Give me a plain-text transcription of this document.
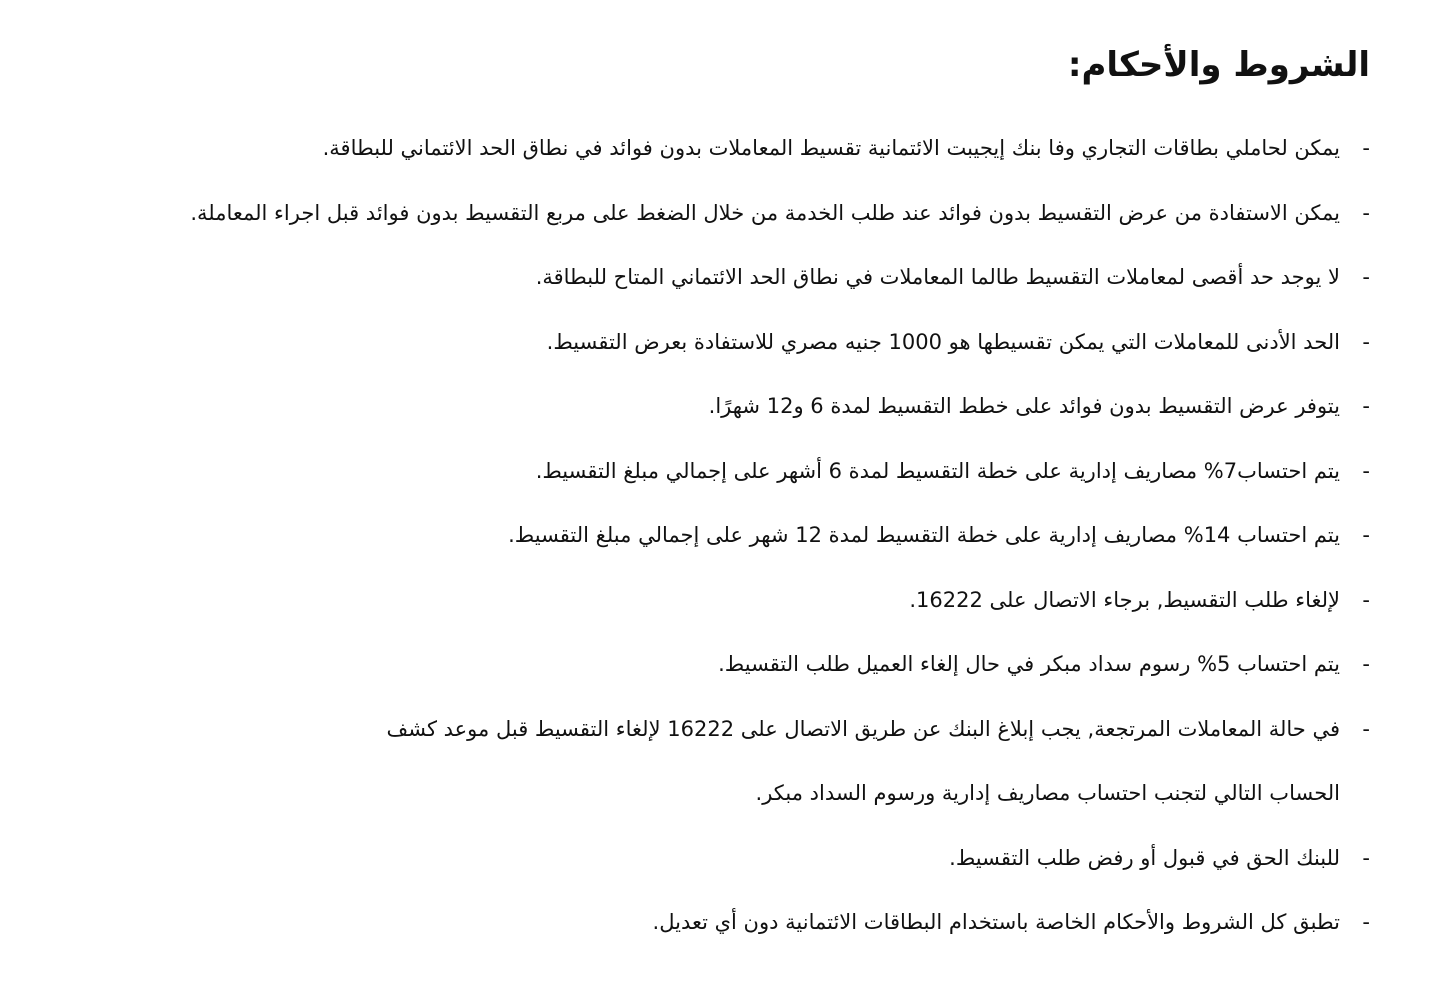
الشروط والأحكام:
-
يمكن لحاملي بطاقات التجاري وفا بنك إيجيبت الائتمانية تقسيط المعاملات بدون فوائد في نطاق الحد الائتماني للبطاقة.
-
يمكن الاستفادة من عرض التقسيط بدون فوائد عند طلب الخدمة من خلال الضغط على مربع التقسيط بدون فوائد قبل اجراء المعاملة.
-
لا يوجد حد أقصى لمعاملات التقسيط طالما المعاملات في نطاق الحد الائتماني المتاح للبطاقة.
-
الحد الأدنى للمعاملات التي يمكن تقسيطها هو 1000 جنيه مصري للاستفادة بعرض التقسيط.
-
يتوفر عرض التقسيط بدون فوائد على خطط التقسيط لمدة 6 و12 شهرًا.
-
يتم احتساب7% مصاريف إدارية على خطة التقسيط لمدة 6 أشهر على إجمالي مبلغ التقسيط.
-
يتم احتساب 14% مصاريف إدارية على خطة التقسيط لمدة 12 شهر على إجمالي مبلغ التقسيط.
-
لإلغاء طلب التقسيط, برجاء الاتصال على 16222.
-
يتم احتساب 5% رسوم سداد مبكر في حال إلغاء العميل طلب التقسيط.
-
في حالة المعاملات المرتجعة, يجب إبلاغ البنك عن طريق الاتصال على 16222 لإلغاء التقسيط قبل موعد كشف الحساب التالي لتجنب احتساب مصاريف إدارية ورسوم السداد مبكر.
-
للبنك الحق في قبول أو رفض طلب التقسيط.
-
تطبق كل الشروط والأحكام الخاصة باستخدام البطاقات الائتمانية دون أي تعديل.
